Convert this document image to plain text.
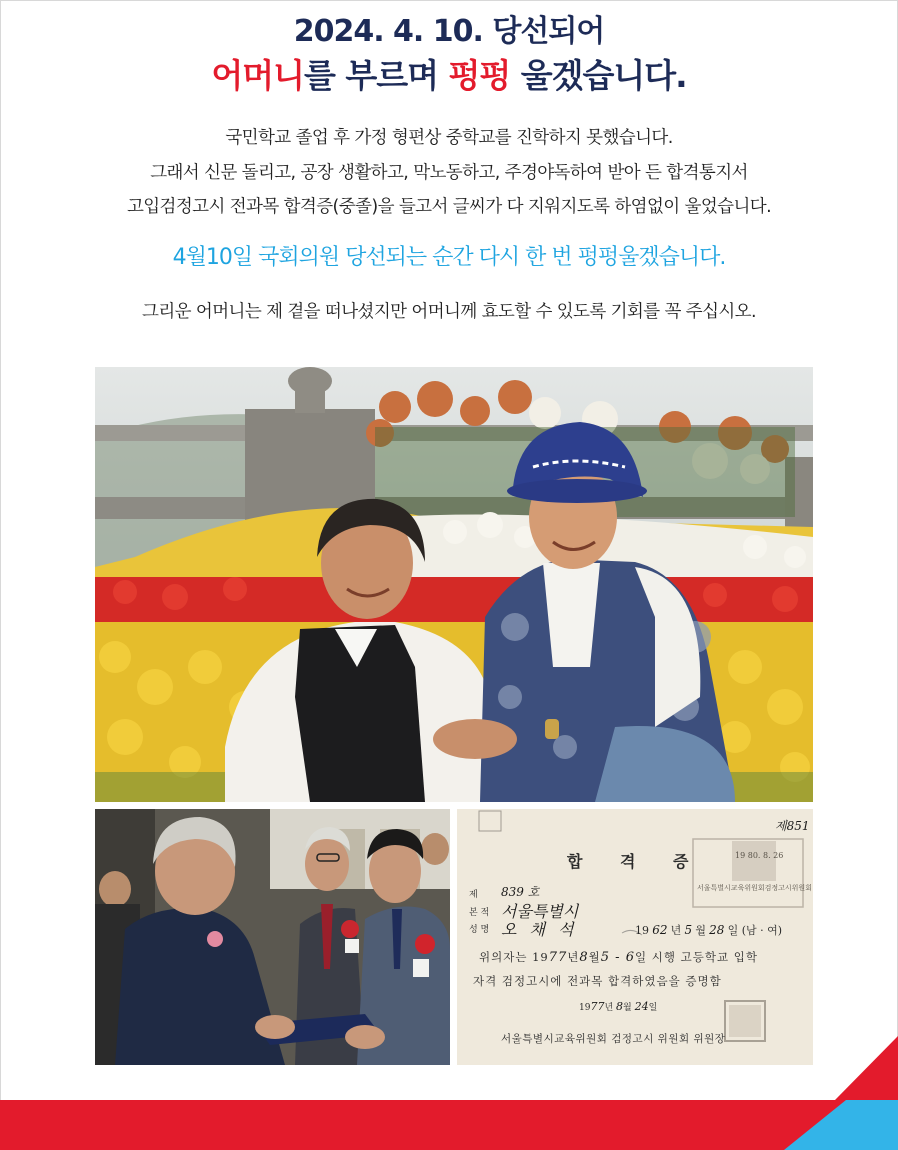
2024. 4. 10. 당선되어
어머니를 부르며 펑펑 울겠습니다.
국민학교 졸업 후 가정 형편상 중학교를 진학하지 못했습니다.
그래서 신문 돌리고, 공장 생활하고, 막노동하고, 주경야독하여 받아 든 합격통지서
고입검정고시 전과목 합격증(중졸)을 들고서 글씨가 다 지워지도록 하염없이 울었습니다.
4월10일 국회의원 당선되는 순간 다시 한 번 펑펑울겠습니다.
그리운 어머니는 제 곁을 떠나셨지만 어머니께 효도할 수 있도록 기회를 꼭 주십시오.
제851
합 격 증	19 80. 8. 26
서울특별시교육위원회검정고시위원회
제 839 호
본 적 서울특별시
성 명 오 채 석	19 62 년 5 월 28 일 (남 · 여)
위의자는 1977년8월5 - 6일 시행 고등학교 입학
자격 검정고시에 전과목 합격하였음을 증명함
1977년 8월 24일
서울특별시교육위원회 검정고시 위원회 위원장
